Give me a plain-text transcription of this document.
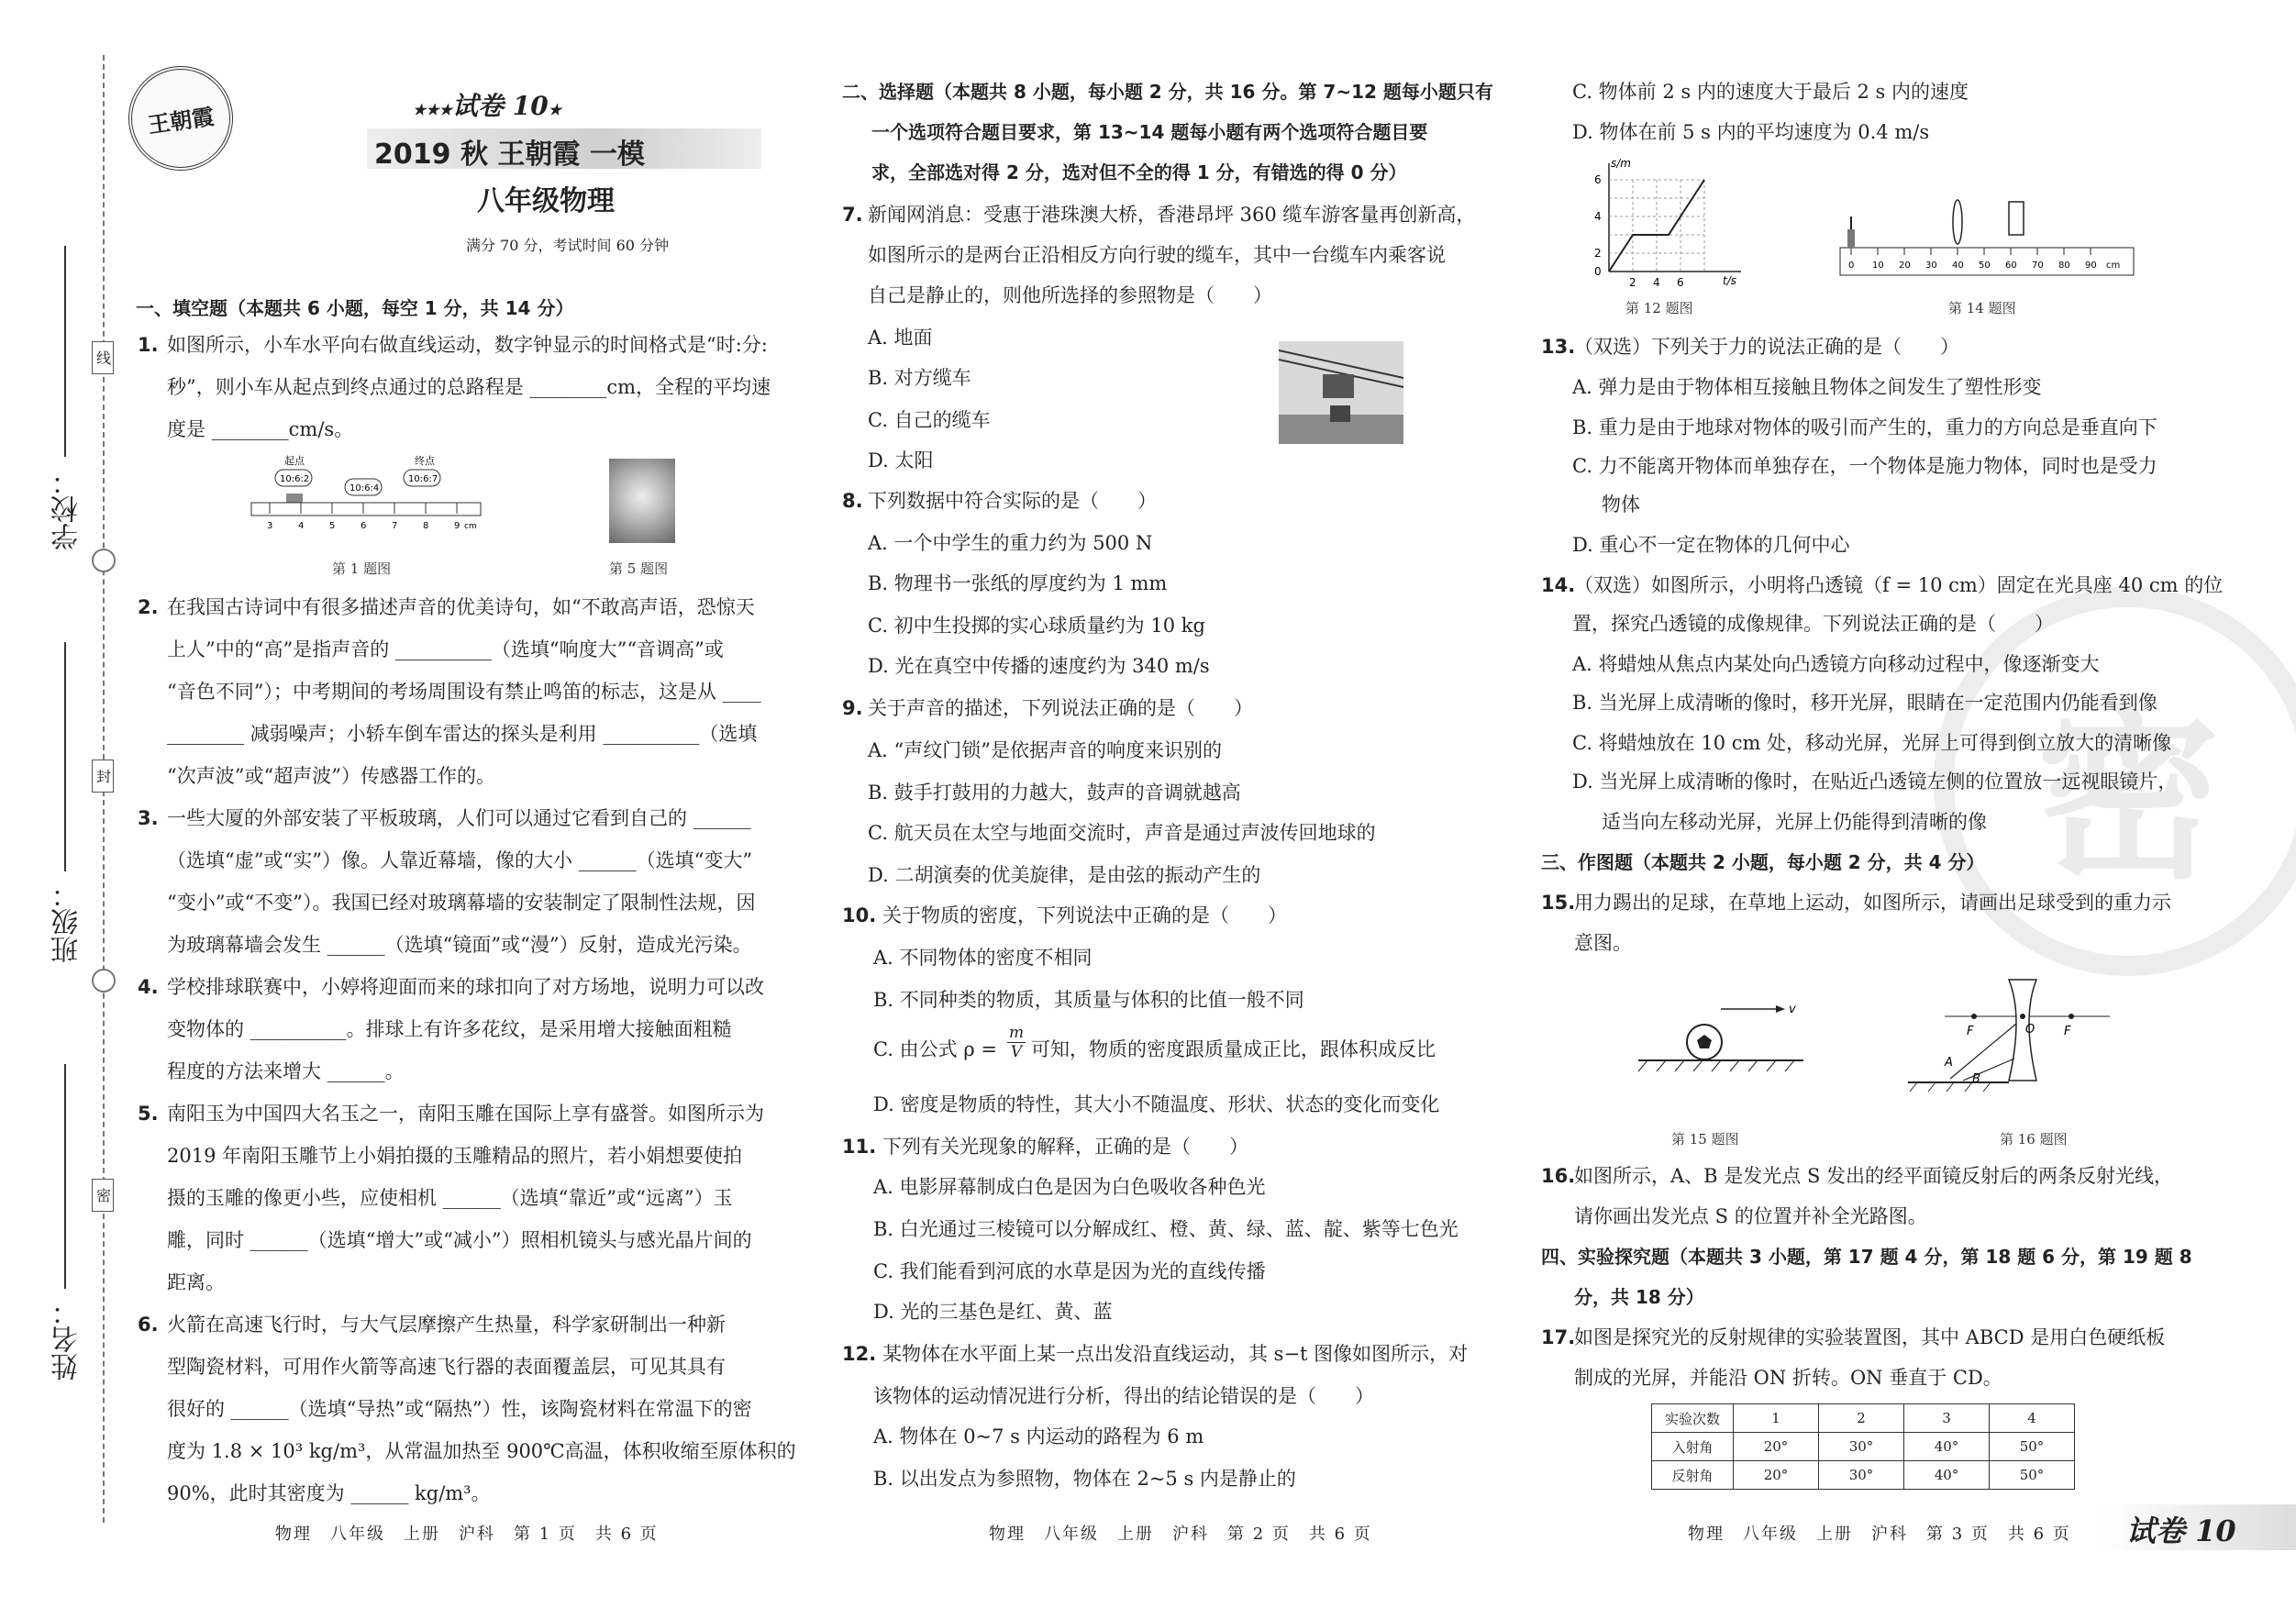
线
封
密
学校：
班级：
姓名：
王朝霞	★★★试卷 10★
2019 秋 王朝霞 一模
八年级物理
满分 70 分，考试时间 60 分钟
一、填空题（本题共 6 小题，每空 1 分，共 14 分）
1. 如图所示，小车水平向右做直线运动，数字钟显示的时间格式是“时:分:
秒”，则小车从起点到终点通过的总路程是 ________cm，全程的平均速
度是 ________cm/s。
起点	终点
10:6:2
10:6:4
10:6:7
3	4	5	6	7	8	9 cm
第 1 题图	第 5 题图
2. 在我国古诗词中有很多描述声音的优美诗句，如“不敢高声语，恐惊天
上人”中的“高”是指声音的 __________（选填“响度大”“音调高”或
“音色不同”）；中考期间的考场周围设有禁止鸣笛的标志，这是从 ____
________ 减弱噪声；小轿车倒车雷达的探头是利用 __________（选填
“次声波”或“超声波”）传感器工作的。
3. 一些大厦的外部安装了平板玻璃，人们可以通过它看到自己的 ______
（选填“虚”或“实”）像。人靠近幕墙，像的大小 ______（选填“变大”
“变小”或“不变”）。我国已经对玻璃幕墙的安装制定了限制性法规，因
为玻璃幕墙会发生 ______（选填“镜面”或“漫”）反射，造成光污染。
4. 学校排球联赛中，小婷将迎面而来的球扣向了对方场地，说明力可以改
变物体的 __________。排球上有许多花纹，是采用增大接触面粗糙
程度的方法来增大 ______。
5. 南阳玉为中国四大名玉之一，南阳玉雕在国际上享有盛誉。如图所示为
2019 年南阳玉雕节上小娟拍摄的玉雕精品的照片，若小娟想要使拍
摄的玉雕的像更小些，应使相机 ______（选填“靠近”或“远离”）玉
雕，同时 ______（选填“增大”或“减小”）照相机镜头与感光晶片间的
距离。
6. 火箭在高速飞行时，与大气层摩擦产生热量，科学家研制出一种新
型陶瓷材料，可用作火箭等高速飞行器的表面覆盖层，可见其具有
很好的 ______（选填“导热”或“隔热”）性，该陶瓷材料在常温下的密
度为 1.8 × 10³ kg/m³，从常温加热至 900℃高温，体积收缩至原体积的
90%，此时其密度为 ______ kg/m³。
物理　八年级　上册　沪科　第 1 页　共 6 页
二、选择题（本题共 8 小题，每小题 2 分，共 16 分。第 7~12 题每小题只有
一个选项符合题目要求，第 13~14 题每小题有两个选项符合题目要
求，全部选对得 2 分，选对但不全的得 1 分，有错选的得 0 分）
7. 新闻网消息：受惠于港珠澳大桥，香港昂坪 360 缆车游客量再创新高，
如图所示的是两台正沿相反方向行驶的缆车，其中一台缆车内乘客说
自己是静止的，则他所选择的参照物是（　　）
A. 地面
B. 对方缆车
C. 自己的缆车
D. 太阳
8. 下列数据中符合实际的是（　　）
A. 一个中学生的重力约为 500 N
B. 物理书一张纸的厚度约为 1 mm
C. 初中生投掷的实心球质量约为 10 kg
D. 光在真空中传播的速度约为 340 m/s
9. 关于声音的描述，下列说法正确的是（　　）
A. “声纹门锁”是依据声音的响度来识别的
B. 鼓手打鼓用的力越大，鼓声的音调就越高
C. 航天员在太空与地面交流时，声音是通过声波传回地球的
D. 二胡演奏的优美旋律，是由弦的振动产生的
10. 关于物质的密度，下列说法中正确的是（　　）
A. 不同物体的密度不相同
B. 不同种类的物质，其质量与体积的比值一般不同
C. 由公式 ρ =
m
V 可知，物质的密度跟质量成正比，跟体积成反比
D. 密度是物质的特性，其大小不随温度、形状、状态的变化而变化
11. 下列有关光现象的解释，正确的是（　　）
A. 电影屏幕制成白色是因为白色吸收各种色光
B. 白光通过三棱镜可以分解成红、橙、黄、绿、蓝、靛、紫等七色光
C. 我们能看到河底的水草是因为光的直线传播
D. 光的三基色是红、黄、蓝
12. 某物体在水平面上某一点出发沿直线运动，其 s−t 图像如图所示，对
该物体的运动情况进行分析，得出的结论错误的是（　　）
A. 物体在 0~7 s 内运动的路程为 6 m
B. 以出发点为参照物，物体在 2~5 s 内是静止的
物理　八年级　上册　沪科　第 2 页　共 6 页
密
C. 物体前 2 s 内的速度大于最后 2 s 内的速度
D. 物体在前 5 s 内的平均速度为 0.4 m/s
s/m
t/s
6
4
2
0
2 4 6
第 12 题图
0 10 20 30 40 50 60 70 80 90 cm
第 14 题图
13.
（双选）下列关于力的说法正确的是（　　）
A. 弹力是由于物体相互接触且物体之间发生了塑性形变
B. 重力是由于地球对物体的吸引而产生的，重力的方向总是垂直向下
C. 力不能离开物体而单独存在，一个物体是施力物体，同时也是受力
物体
D. 重心不一定在物体的几何中心
14.
（双选）如图所示，小明将凸透镜（f = 10 cm）固定在光具座 40 cm 的位
置，探究凸透镜的成像规律。下列说法正确的是（　　）
A. 将蜡烛从焦点内某处向凸透镜方向移动过程中，像逐渐变大
B. 当光屏上成清晰的像时，移开光屏，眼睛在一定范围内仍能看到像
C. 将蜡烛放在 10 cm 处，移动光屏，光屏上可得到倒立放大的清晰像
D. 当光屏上成清晰的像时，在贴近凸透镜左侧的位置放一远视眼镜片，
适当向左移动光屏，光屏上仍能得到清晰的像
三、作图题（本题共 2 小题，每小题 2 分，共 4 分）
15.
用力踢出的足球，在草地上运动，如图所示，请画出足球受到的重力示
意图。
v
第 15 题图
F	O F
A
B
第 16 题图
16.
如图所示，A、B 是发光点 S 发出的经平面镜反射后的两条反射光线，
请你画出发光点 S 的位置并补全光路图。
四、实验探究题（本题共 3 小题，第 17 题 4 分，第 18 题 6 分，第 19 题 8
分，共 18 分）
17.
如图是探究光的反射规律的实验装置图，其中 ABCD 是用白色硬纸板
制成的光屏，并能沿 ON 折转。ON 垂直于 CD。
实验次数	1	2	3	4
入射角	20°	30°	40°	50°
反射角	20°	30°	40°	50°
物理　八年级　上册　沪科　第 3 页　共 6 页 试卷 10
